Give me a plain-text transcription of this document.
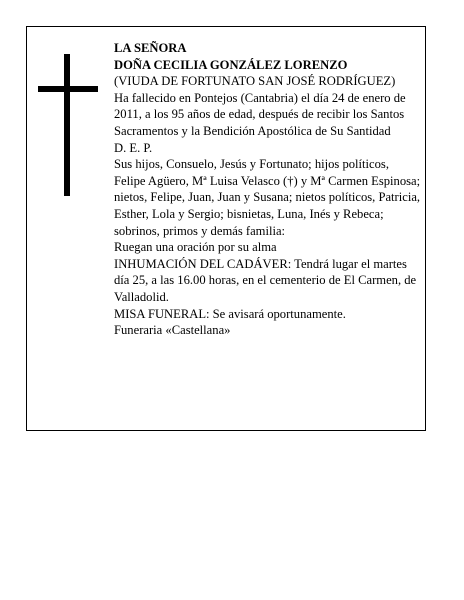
LA SEÑORA

DOÑA CECILIA GONZÁLEZ LORENZO

(VIUDA DE FORTUNATO SAN JOSÉ RODRÍGUEZ)

Ha fallecido en Pontejos (Cantabria) el día 24 de enero de 2011, a los 95 años de edad, después de recibir los Santos Sacramentos y la Bendición Apostólica de Su Santidad

D. E. P.

Sus hijos, Consuelo, Jesús y Fortunato; hijos políticos, Felipe Agüero, Mª Luisa Velasco (†) y Mª Carmen Espinosa; nietos, Felipe, Juan, Juan y Susana; nietos políticos, Patricia, Esther, Lola y Sergio; bisnietas, Luna, Inés y Rebeca; sobrinos, primos y demás familia:

Ruegan una oración por su alma

INHUMACIÓN DEL CADÁVER: Tendrá lugar el martes día 25, a las 16.00 horas, en el cementerio de El Carmen, de Valladolid.

MISA FUNERAL: Se avisará oportunamente.

Funeraria «Castellana»
